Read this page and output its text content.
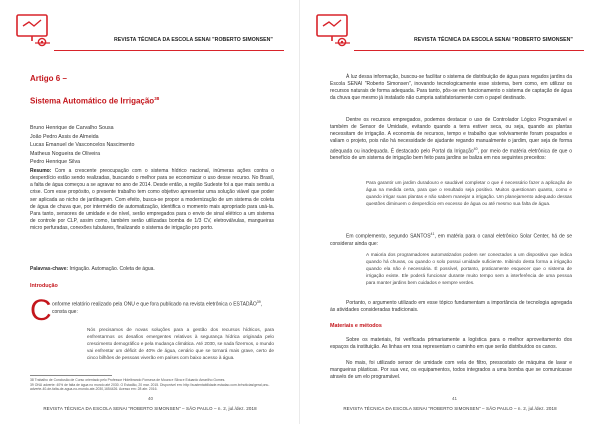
REVISTA TÉCNICA DA ESCOLA SENAI "ROBERTO SIMONSEN"
Artigo 6 –
Sistema Automático de Irrigação$^{38}$
Bruno Henrique de Carvalho Sousa
João Pedro Assis de Almeida
Lucas Emanuel de Vasconcelos Nascimento
Matheus Nogueira de Oliveira
Pedro Henrique Silva
Resumo: Com a crescente preocupação com o sistema hídrico nacional, inúmeras ações contra o desperdício estão sendo realizadas, buscando o melhor para se economizar o uso desse recurso. No Brasil, a falta de água começou a se agravar no ano de 2014. Desde então, a região Sudeste foi a que mais sentiu a crise. Com esse propósito, o presente trabalho tem como objetivo apresentar uma solução viável que poder ser aplicada ao nicho de jardinagem. Com efeito, busca-se propor a modernização de um sistema de coleta de água de chuva que, por intermédio de automatização, identifica o momento mais apropriado para usá-la. Para tanto, sensores de umidade e de nível, serão empregados para o envio de sinal elétrico a um sistema de controle por CLP, assim como, também serão utilizadas bomba de 1/3 CV, eletroválvulas, mangueiras micro perfuradas, conexões tubulares, finalizando o sistema de irrigação pro porto.
Palavras-chave: Irrigação. Automação. Coleta de água.
Introdução
C onforme relatório realizado pela ONU e que fora publicado na revista eletrônica o ESTADÃO$^{39}$, consta que:
Nós precisamos de novas soluções para a gestão dos recursos hídricos, para enfrentarmos os desafios emergentes relativos à segurança hídrica originada pelo crescimento demográfico e pela mudança climática. Até 2030, se nada fizermos, o mundo vai enfrentar um déficit de 40% de água, cenário que se tornará mais grave, certo de cinco bilhões de pessoas viverão em países com baixo acesso à água.
38 Trabalho de Conclusão de Curso orientado pelo Professor Hidelbrando Fonseca de Moura e Silva e Eduardo Amarilho Gomes.
39 ONU adverte: 40% de falta de água no mundo até 2030. O Estadão, 20 mar. 2015. Disponível em: http://sustentabilidade.estadao.com.br/noticias/geral,onu-adverte-40-de-falta-de-agua-no-mundo-ate-2030,1654426. Acesso em: 28 abr. 2016.
40
REVISTA TÉCNICA DA ESCOLA SENAI "ROBERTO SIMONSEN" – SÃO PAULO – n. 2, jul./dez. 2018
REVISTA TÉCNICA DA ESCOLA SENAI "ROBERTO SIMONSEN"
À luz dessa informação, buscou-se facilitar o sistema de distribuição de água para regados jardins da Escola SENAI "Roberto Simonsen", inovando tecnologicamente esse sistema, bem como, em utilizar os recursos naturais de forma adequada. Para tanto, pôs-se em funcionamento o sistema de captação de água da chuva que mesmo já instalado não cumpria satisfatoriamente com o papel destinado.
Dentre os recursos empregados, podemos destacar o uso de Controlador Lógico Programável e também de Sensor de Umidade, evitando quando a terra estiver seca, ou seja, quando as plantas necessitam de irrigação. A economia de recursos, tempo e trabalho que volvivamente foram poupados e valiam o projeto, pois não há necessidade de ajudante regando manualmente o jardim, quer seja de forma adequada ou inadequada. É destacado pelo Portal da Irrigação$^{40}$, por meio de matéria eletrônica de que o benefício de um sistema de irrigação bem feito para jardins se baliza em nos seguintes preceitos:
Para garantir um jardim duradouro e saudável completar o que é necessário fazer a aplicação de água na medida certa, para que o resultado seja positivo. Muitos questionam quanto, como e quando irrigar suas plantas e não sabem manejar a irrigação. Um planejamento adequado dessas questões diminuem o desperdício em excesso de água ou até mesmo sua falta de água.
Em complemento, segundo SANTOS$^{41}$, em matéria para o canal eletrônico Solar Center, há de se considerar ainda que:
A maioria dos programadores automatizados podem ser conectados a um dispositivo que indica quando há chuvas, ou quando o solo possui umidade suficiente. Inibindo desta forma a irrigação quando ela não é necessária. É possível, portanto, praticamente esquecer que o sistema de irrigação existe. Ele poderá funcionar durante muito tempo sem a interferência de uma pessoa para manter jardins bem cuidados e sempre verdes.
Portanto, o argumento utilizado em esse tópico fundamentam a importância de tecnologia agregada às atividades consideradas tradicionais.
Materiais e métodos
Sobre os materiais, foi verificada primariamente a logística para o melhor aproveitamento dos espaços da instituição. As linhas em rosa representam o caminho em que serão distribuídos os canos.
No mais, foi utilizado sensor de umidade com vela de filtro, pressostato de máquina de lavar e mangueiras plásticas. Por sua vez, os equipamentos, todos integrados a uma bomba que se comunicasse através de um elo programável.
41
REVISTA TÉCNICA DA ESCOLA SENAI "ROBERTO SIMONSEN" – SÃO PAULO – n. 2, jul./dez. 2018
